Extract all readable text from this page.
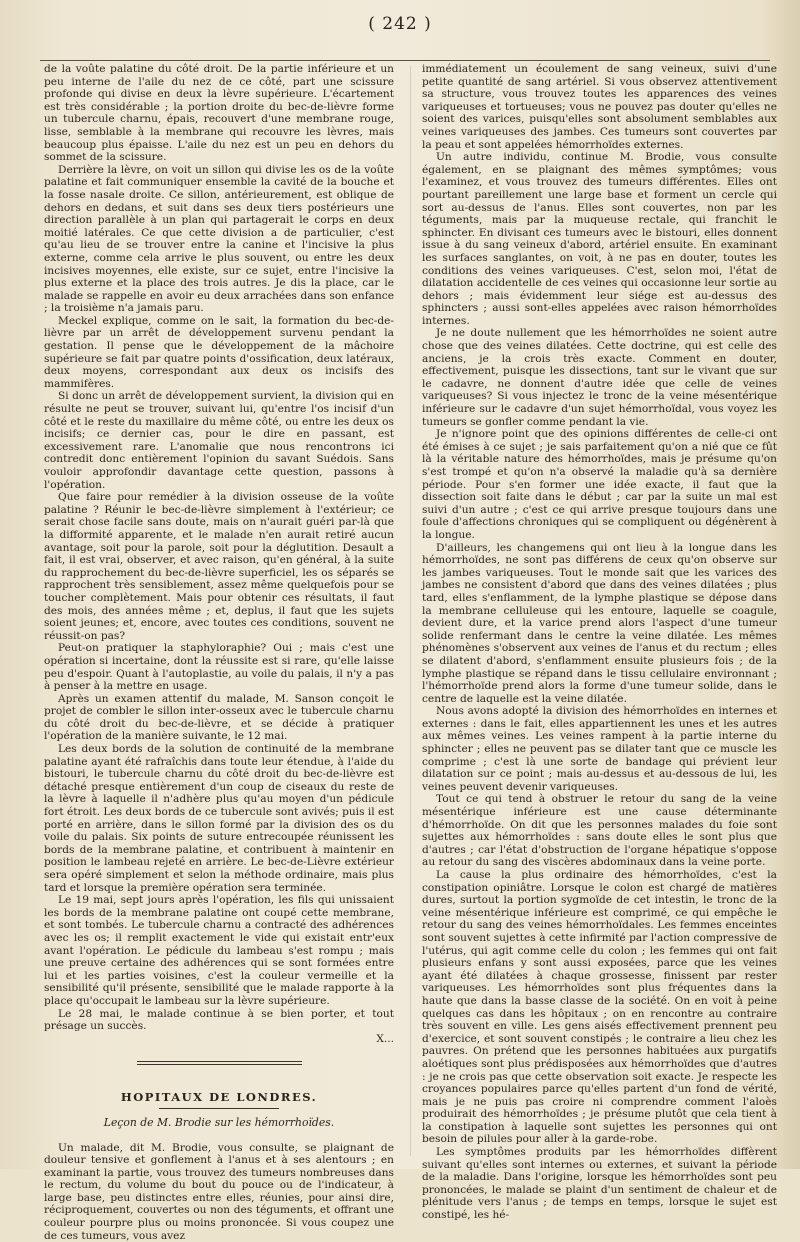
( 242 )

de la voûte palatine du côté droit. De la partie inférieure et un peu interne de l'aile du nez de ce côté, part une scissure profonde qui divise en deux la lèvre supérieure. L'écartement est très considérable ; la portion droite du bec-de-lièvre forme un tubercule charnu, épais, recouvert d'une membrane rouge, lisse, semblable à la membrane qui recouvre les lèvres, mais beaucoup plus épaisse. L'aile du nez est un peu en dehors du sommet de la scissure.

Derrière la lèvre, on voit un sillon qui divise les os de la voûte palatine et fait communiquer ensemble la cavité de la bouche et la fosse nasale droite. Ce sillon, antérieurement, est oblique de dehors en dedans, et suit dans ses deux tiers postérieurs une direction parallèle à un plan qui partagerait le corps en deux moitié latérales. Ce que cette division a de particulier, c'est qu'au lieu de se trouver entre la canine et l'incisive la plus externe, comme cela arrive le plus souvent, ou entre les deux incisives moyennes, elle existe, sur ce sujet, entre l'incisive la plus externe et la place des trois autres. Je dis la place, car le malade se rappelle en avoir eu deux arrachées dans son enfance ; la troisième n'a jamais paru.

Meckel explique, comme on le sait, la formation du bec-de-lièvre par un arrêt de développement survenu pendant la gestation. Il pense que le développement de la mâchoire supérieure se fait par quatre points d'ossification, deux latéraux, deux moyens, correspondant aux deux os incisifs des mammifères.

Si donc un arrêt de développement survient, la division qui en résulte ne peut se trouver, suivant lui, qu'entre l'os incisif d'un côté et le reste du maxillaire du même côté, ou entre les deux os incisifs; ce dernier cas, pour le dire en passant, est excessivement rare. L'anomalie que nous rencontrons ici contredit donc entièrement l'opinion du savant Suédois. Sans vouloir approfondir davantage cette question, passons à l'opération.

Que faire pour remédier à la division osseuse de la voûte palatine ? Réunir le bec-de-lièvre simplement à l'extérieur; ce serait chose facile sans doute, mais on n'aurait guéri par-là que la difformité apparente, et le malade n'en aurait retiré aucun avantage, soit pour la parole, soit pour la déglutition. Desault a fait, il est vrai, observer, et avec raison, qu'en général, à la suite du rapprochement du bec-de-lièvre superficiel, les os séparés se rapprochent très sensiblement, assez même quelquefois pour se toucher complètement. Mais pour obtenir ces résultats, il faut des mois, des années même ; et, deplus, il faut que les sujets soient jeunes; et, encore, avec toutes ces conditions, souvent ne réussit-on pas?

Peut-on pratiquer la staphyloraphie? Oui ; mais c'est une opération si incertaine, dont la réussite est si rare, qu'elle laisse peu d'espoir. Quant à l'autoplastie, au voile du palais, il n'y a pas à penser à la mettre en usage.

Après un examen attentif du malade, M. Sanson conçoit le projet de combler le sillon inter-osseux avec le tubercule charnu du côté droit du bec-de-lièvre, et se décide à pratiquer l'opération de la manière suivante, le 12 mai.

Les deux bords de la solution de continuité de la membrane palatine ayant été rafraîchis dans toute leur étendue, à l'aide du bistouri, le tubercule charnu du côté droit du bec-de-lièvre est détaché presque entièrement d'un coup de ciseaux du reste de la lèvre à laquelle il n'adhère plus qu'au moyen d'un pédicule fort étroit. Les deux bords de ce tubercule sont avivés; puis il est porté en arrière, dans le sillon formé par la division des os du voile du palais. Six points de suture entrecoupée réunissent les bords de la membrane palatine, et contribuent à maintenir en position le lambeau rejeté en arrière. Le bec-de-Lièvre extérieur sera opéré simplement et selon la méthode ordinaire, mais plus tard et lorsque la première opération sera terminée.

Le 19 mai, sept jours après l'opération, les fils qui unissaient les bords de la membrane palatine ont coupé cette membrane, et sont tombés. Le tubercule charnu a contracté des adhérences avec les os; il remplit exactement le vide qui existait entr'eux avant l'opération. Le pédicule du lambeau s'est rompu ; mais une preuve certaine des adhérences qui se sont formées entre lui et les parties voisines, c'est la couleur vermeille et la sensibilité qu'il présente, sensibilité que le malade rapporte à la place qu'occupait le lambeau sur la lèvre supérieure.

Le 28 mai, le malade continue à se bien porter, et tout présage un succès.

X...

HOPITAUX DE LONDRES.
Leçon de M. Brodie sur les hémorrhoïdes.

Un malade, dit M. Brodie, vous consulte, se plaignant de douleur tensive et gonflement à l'anus et à ses alentours ; en examinant la partie, vous trouvez des tumeurs nombreuses dans le rectum, du volume du bout du pouce ou de l'indicateur, à large base, peu distinctes entre elles, réunies, pour ainsi dire, réciproquement, couvertes ou non des téguments, et offrant une couleur pourpre plus ou moins prononcée. Si vous coupez une de ces tumeurs, vous avez

immédiatement un écoulement de sang veineux, suivi d'une petite quantité de sang artériel. Si vous observez attentivement sa structure, vous trouvez toutes les apparences des veines variqueuses et tortueuses; vous ne pouvez pas douter qu'elles ne soient des varices, puisqu'elles sont absolument semblables aux veines variqueuses des jambes. Ces tumeurs sont couvertes par la peau et sont appelées hémorrhoïdes externes.

Un autre individu, continue M. Brodie, vous consulte également, en se plaignant des mêmes symptômes; vous l'examinez, et vous trouvez des tumeurs différentes. Elles ont pourtant pareillement une large base et forment un cercle qui sort au-dessus de l'anus. Elles sont couvertes, non par les téguments, mais par la muqueuse rectale, qui franchit le sphincter. En divisant ces tumeurs avec le bistouri, elles donnent issue à du sang veineux d'abord, artériel ensuite. En examinant les surfaces sanglantes, on voit, à ne pas en douter, toutes les conditions des veines variqueuses. C'est, selon moi, l'état de dilatation accidentelle de ces veines qui occasionne leur sortie au dehors ; mais évidemment leur siége est au-dessus des sphincters ; aussi sont-elles appelées avec raison hémorrhoïdes internes.

Je ne doute nullement que les hémorrhoïdes ne soient autre chose que des veines dilatées. Cette doctrine, qui est celle des anciens, je la crois très exacte. Comment en douter, effectivement, puisque les dissections, tant sur le vivant que sur le cadavre, ne donnent d'autre idée que celle de veines variqueuses? Si vous injectez le tronc de la veine mésentérique inférieure sur le cadavre d'un sujet hémorrhoïdal, vous voyez les tumeurs se gonfler comme pendant la vie.

Je n'ignore point que des opinions différentes de celle-ci ont été émises à ce sujet ; je sais parfaitement qu'on a nié que ce fût là la véritable nature des hémorrhoïdes, mais je présume qu'on s'est trompé et qu'on n'a observé la maladie qu'à sa dernière période. Pour s'en former une idée exacte, il faut que la dissection soit faite dans le début ; car par la suite un mal est suivi d'un autre ; c'est ce qui arrive presque toujours dans une foule d'affections chroniques qui se compliquent ou dégénèrent à la longue.

D'ailleurs, les changemens qui ont lieu à la longue dans les hémorrhoïdes, ne sont pas différens de ceux qu'on observe sur les jambes variqueuses. Tout le monde sait que les varices des jambes ne consistent d'abord que dans des veines dilatées ; plus tard, elles s'enflamment, de la lymphe plastique se dépose dans la membrane celluleuse qui les entoure, laquelle se coagule, devient dure, et la varice prend alors l'aspect d'une tumeur solide renfermant dans le centre la veine dilatée. Les mêmes phénomènes s'observent aux veines de l'anus et du rectum ; elles se dilatent d'abord, s'enflamment ensuite plusieurs fois ; de la lymphe plastique se répand dans le tissu cellulaire environnant ; l'hémorrhoïde prend alors la forme d'une tumeur solide, dans le centre de laquelle est la veine dilatée.

Nous avons adopté la division des hémorrhoïdes en internes et externes : dans le fait, elles appartiennent les unes et les autres aux mêmes veines. Les veines rampent à la partie interne du sphincter ; elles ne peuvent pas se dilater tant que ce muscle les comprime ; c'est là une sorte de bandage qui prévient leur dilatation sur ce point ; mais au-dessus et au-dessous de lui, les veines peuvent devenir variqueuses.

Tout ce qui tend à obstruer le retour du sang de la veine mésentérique inférieure est une cause déterminante d'hémorrhoïde. On dit que les personnes malades du foie sont sujettes aux hémorrhoïdes : sans doute elles le sont plus que d'autres ; car l'état d'obstruction de l'organe hépatique s'oppose au retour du sang des viscères abdominaux dans la veine porte.

La cause la plus ordinaire des hémorrhoïdes, c'est la constipation opiniâtre. Lorsque le colon est chargé de matières dures, surtout la portion sygmoïde de cet intestin, le tronc de la veine mésentérique inférieure est comprimé, ce qui empêche le retour du sang des veines hémorrhoïdales. Les femmes enceintes sont souvent sujettes à cette infirmité par l'action compressive de l'utérus, qui agit comme celle du colon ; les femmes qui ont fait plusieurs enfans y sont aussi exposées, parce que les veines ayant été dilatées à chaque grossesse, finissent par rester variqueuses. Les hémorrhoïdes sont plus fréquentes dans la haute que dans la basse classe de la société. On en voit à peine quelques cas dans les hôpitaux ; on en rencontre au contraire très souvent en ville. Les gens aisés effectivement prennent peu d'exercice, et sont souvent constipés ; le contraire a lieu chez les pauvres. On prétend que les personnes habituées aux purgatifs aloétiques sont plus prédisposées aux hémorrhoïdes que d'autres : je ne crois pas que cette observation soit exacte. Je respecte les croyances populaires parce qu'elles partent d'un fond de vérité, mais je ne puis pas croire ni comprendre comment l'aloès produirait des hémorrhoïdes ; je présume plutôt que cela tient à la constipation à laquelle sont sujettes les personnes qui ont besoin de pilules pour aller à la garde-robe.

Les symptômes produits par les hémorrhoïdes diffèrent suivant qu'elles sont internes ou externes, et suivant la période de la maladie. Dans l'origine, lorsque les hémorrhoïdes sont peu prononcées, le malade se plaint d'un sentiment de chaleur et de plénitude vers l'anus ; de temps en temps, lorsque le sujet est constipé, les hé-
